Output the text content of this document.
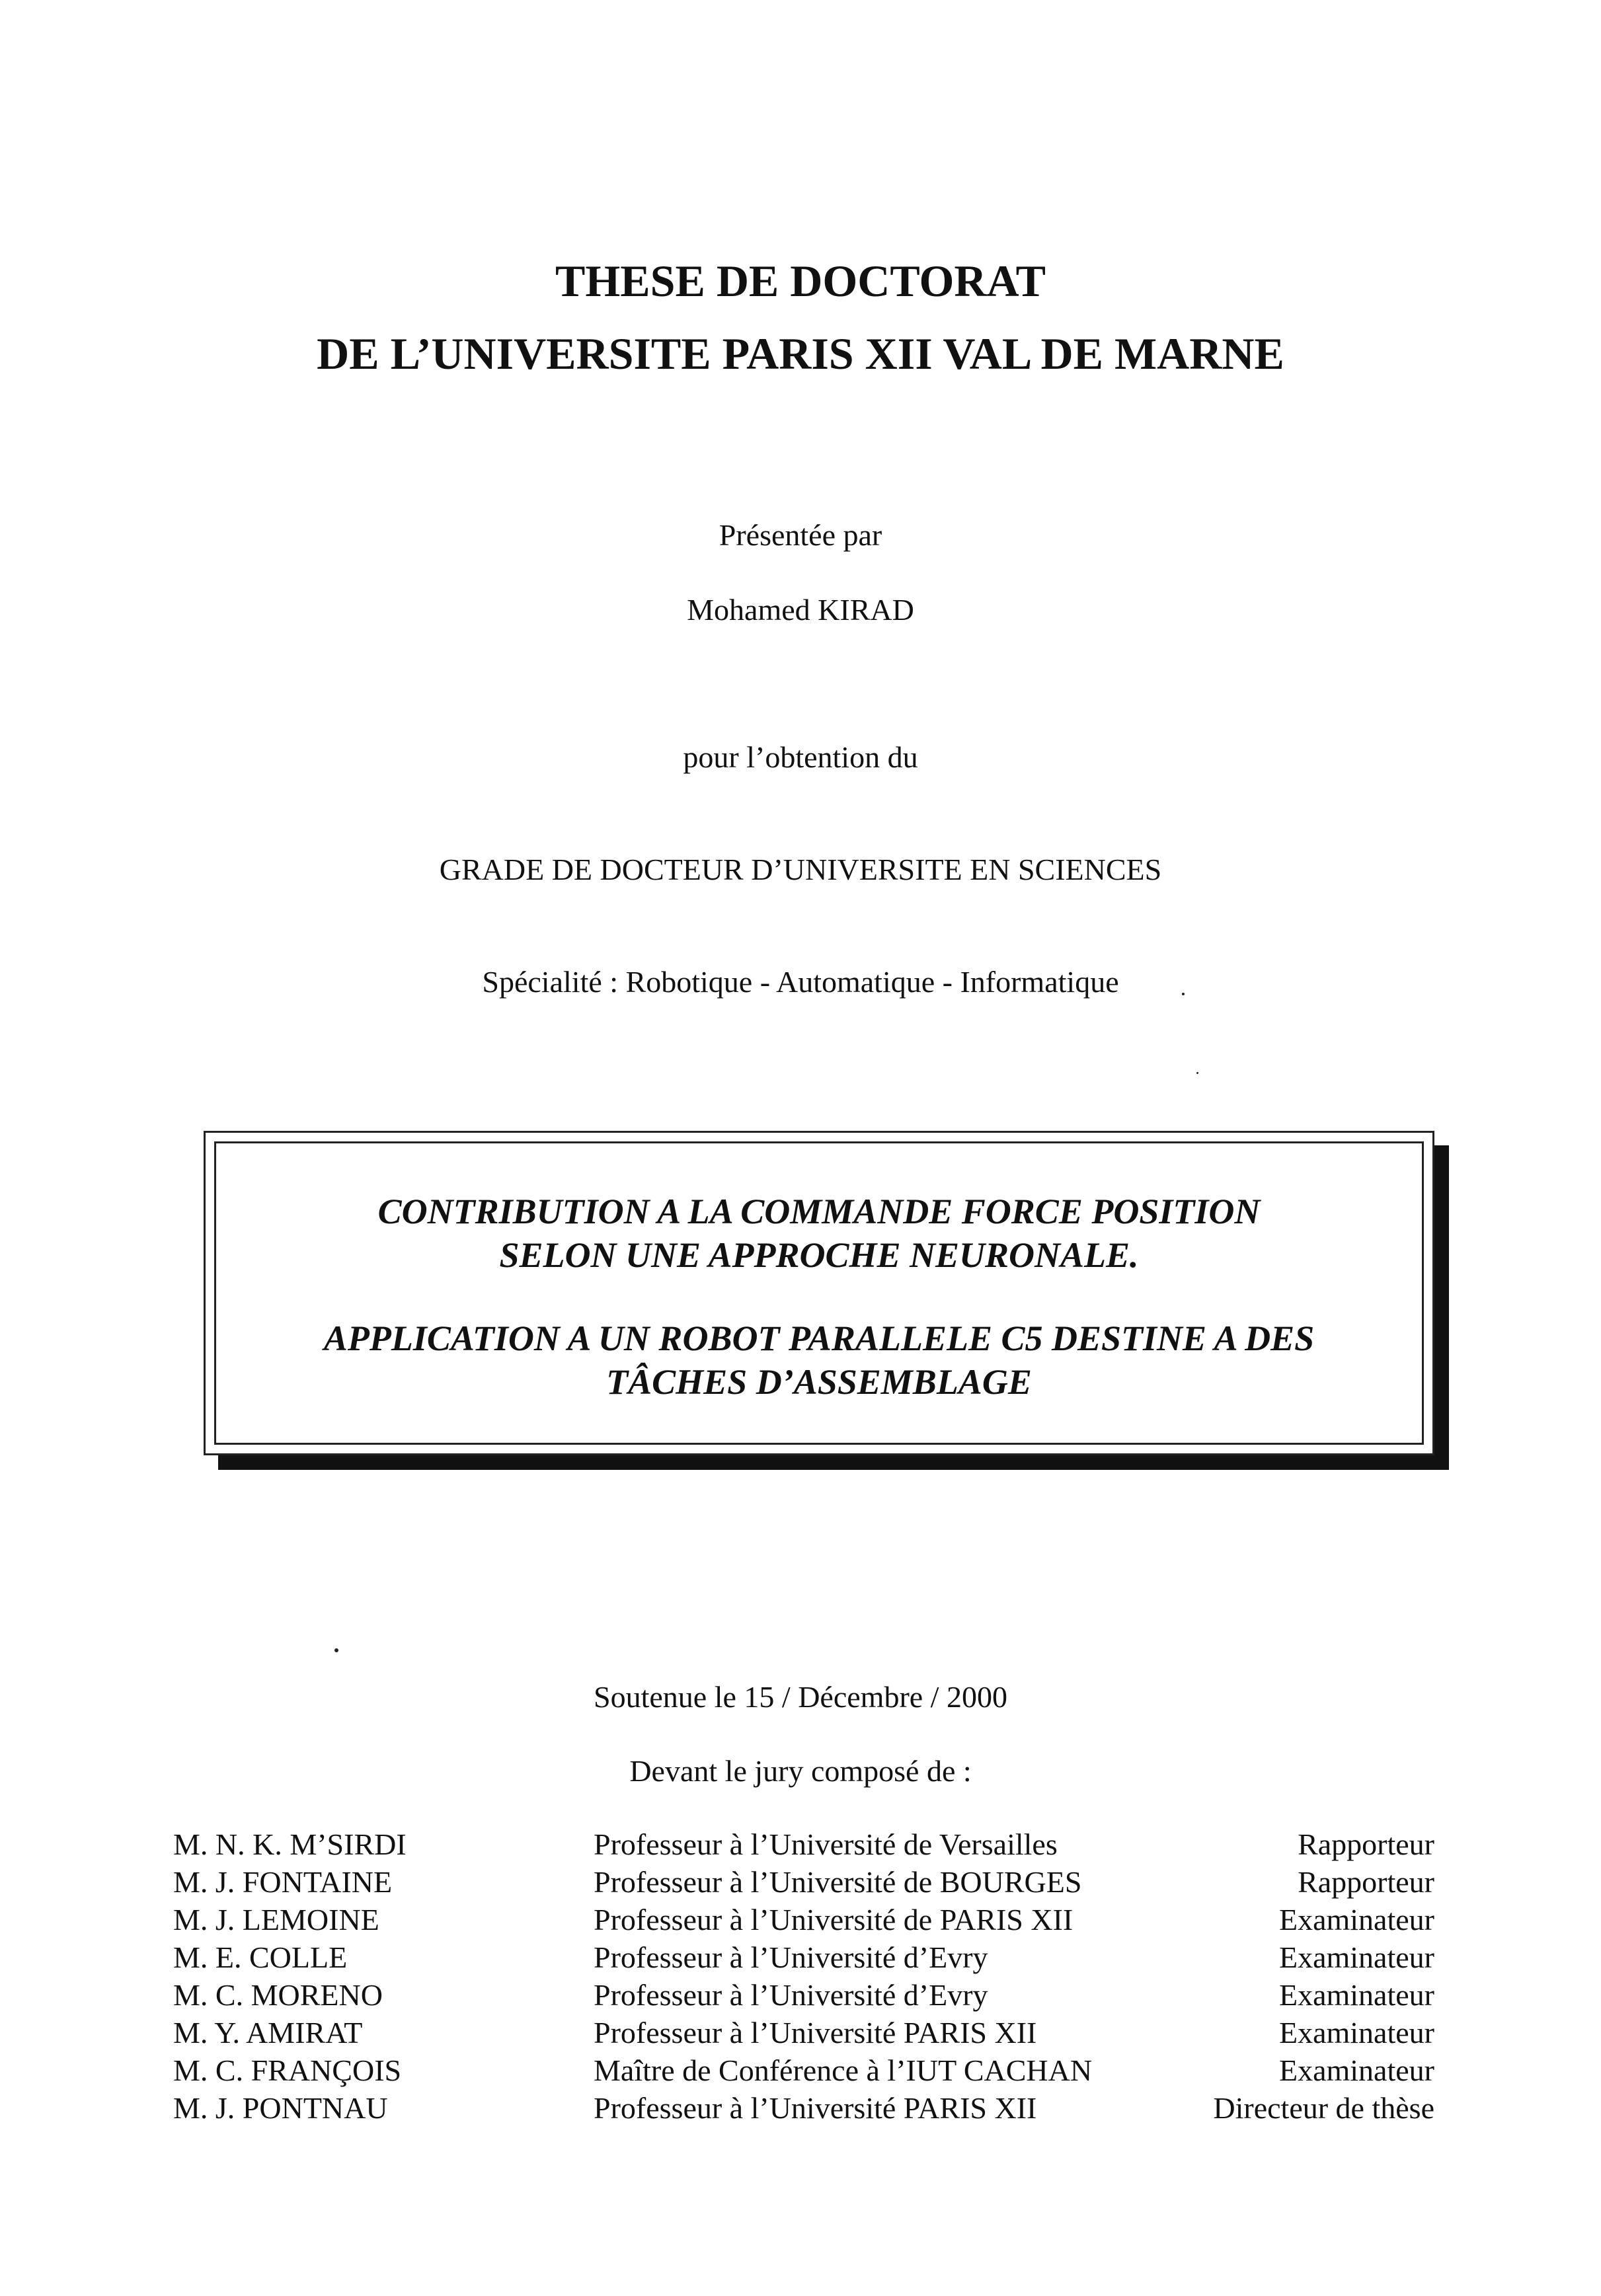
THESE DE DOCTORAT
DE L’UNIVERSITE PARIS XII VAL DE MARNE
Présentée par
Mohamed KIRAD
pour l’obtention du
GRADE DE DOCTEUR D’UNIVERSITE EN SCIENCES
Spécialité : Robotique - Automatique - Informatique
CONTRIBUTION A LA COMMANDE FORCE POSITION
SELON UNE APPROCHE NEURONALE.
APPLICATION A UN ROBOT PARALLELE C5 DESTINE A DES
TÂCHES D’ASSEMBLAGE
Soutenue le 15 / Décembre / 2000
Devant le jury composé de :
M. N. K. M’SIRDI	Professeur à l’Université de Versailles	Rapporteur
M. J. FONTAINE	Professeur à l’Université de BOURGES	Rapporteur
M. J. LEMOINE	Professeur à l’Université de PARIS XII	Examinateur
M. E. COLLE	Professeur à l’Université d’Evry	Examinateur
M. C. MORENO	Professeur à l’Université d’Evry	Examinateur
M. Y. AMIRAT	Professeur à l’Université PARIS XII	Examinateur
M. C. FRANÇOIS	Maître de Conférence à l’IUT CACHAN	Examinateur
M. J. PONTNAU	Professeur à l’Université PARIS XII	Directeur de thèse
